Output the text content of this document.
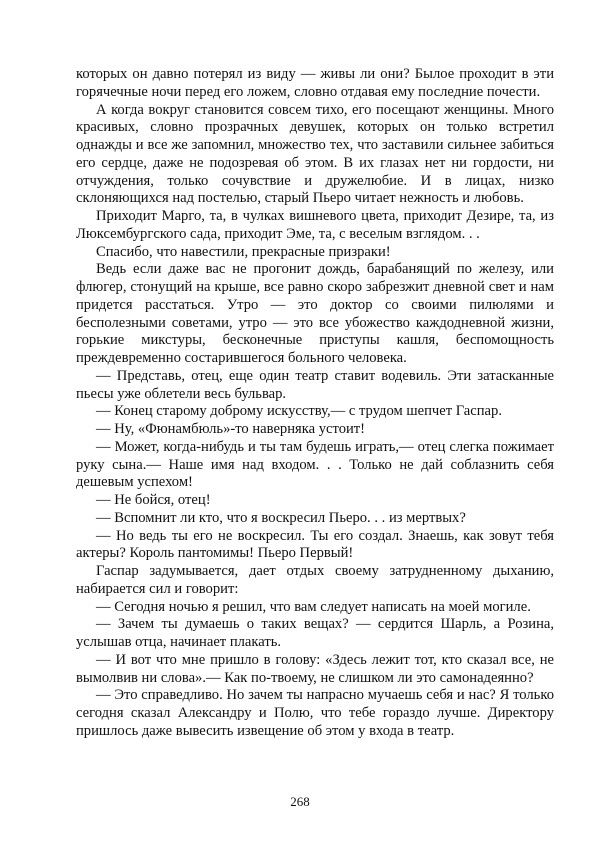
которых он давно потерял из виду — живы ли они? Былое проходит в эти горячечные ночи перед его ложем, словно отдавая ему последние почести.

А когда вокруг становится совсем тихо, его посещают женщины. Много красивых, словно прозрачных девушек, которых он только встретил однажды и все же запомнил, множество тех, что заставили сильнее забиться его сердце, даже не подозревая об этом. В их глазах нет ни гордости, ни отчуждения, только сочувствие и дружелюбие. И в лицах, низко склоняющихся над постелью, старый Пьеро читает нежность и любовь.

Приходит Марго, та, в чулках вишневого цвета, приходит Дезире, та, из Люксембургского сада, приходит Эме, та, с веселым взглядом. . .

Спасибо, что навестили, прекрасные призраки!

Ведь если даже вас не прогонит дождь, барабанящий по железу, или флюгер, стонущий на крыше, все равно скоро забрезжит дневной свет и нам придется расстаться. Утро — это доктор со своими пилюлями и бесполезными советами, утро — это все убожество каждодневной жизни, горькие микстуры, бесконечные приступы кашля, беспомощность преждевременно состарившегося больного человека.

— Представь, отец, еще один театр ставит водевиль. Эти затасканные пьесы уже облетели весь бульвар.

— Конец старому доброму искусству,— с трудом шепчет Гаспар.

— Ну, «Фюнамбюль»-то наверняка устоит!

— Может, когда-нибудь и ты там будешь играть,— отец слегка пожимает руку сына.— Наше имя над входом. . . Только не дай соблазнить себя дешевым успехом!

— Не бойся, отец!

— Вспомнит ли кто, что я воскресил Пьеро. . . из мертвых?

— Но ведь ты его не воскресил. Ты его создал. Знаешь, как зовут тебя актеры? Король пантомимы! Пьеро Первый!

Гаспар задумывается, дает отдых своему затрудненному дыханию, набирается сил и говорит:

— Сегодня ночью я решил, что вам следует написать на моей могиле.

— Зачем ты думаешь о таких вещах? — сердится Шарль, а Розина, услышав отца, начинает плакать.

— И вот что мне пришло в голову: «Здесь лежит тот, кто сказал все, не вымолвив ни слова».— Как по-твоему, не слишком ли это самонадеянно?

— Это справедливо. Но зачем ты напрасно мучаешь себя и нас? Я только сегодня сказал Александру и Полю, что тебе гораздо лучше. Директору пришлось даже вывесить извещение об этом у входа в театр.

268
